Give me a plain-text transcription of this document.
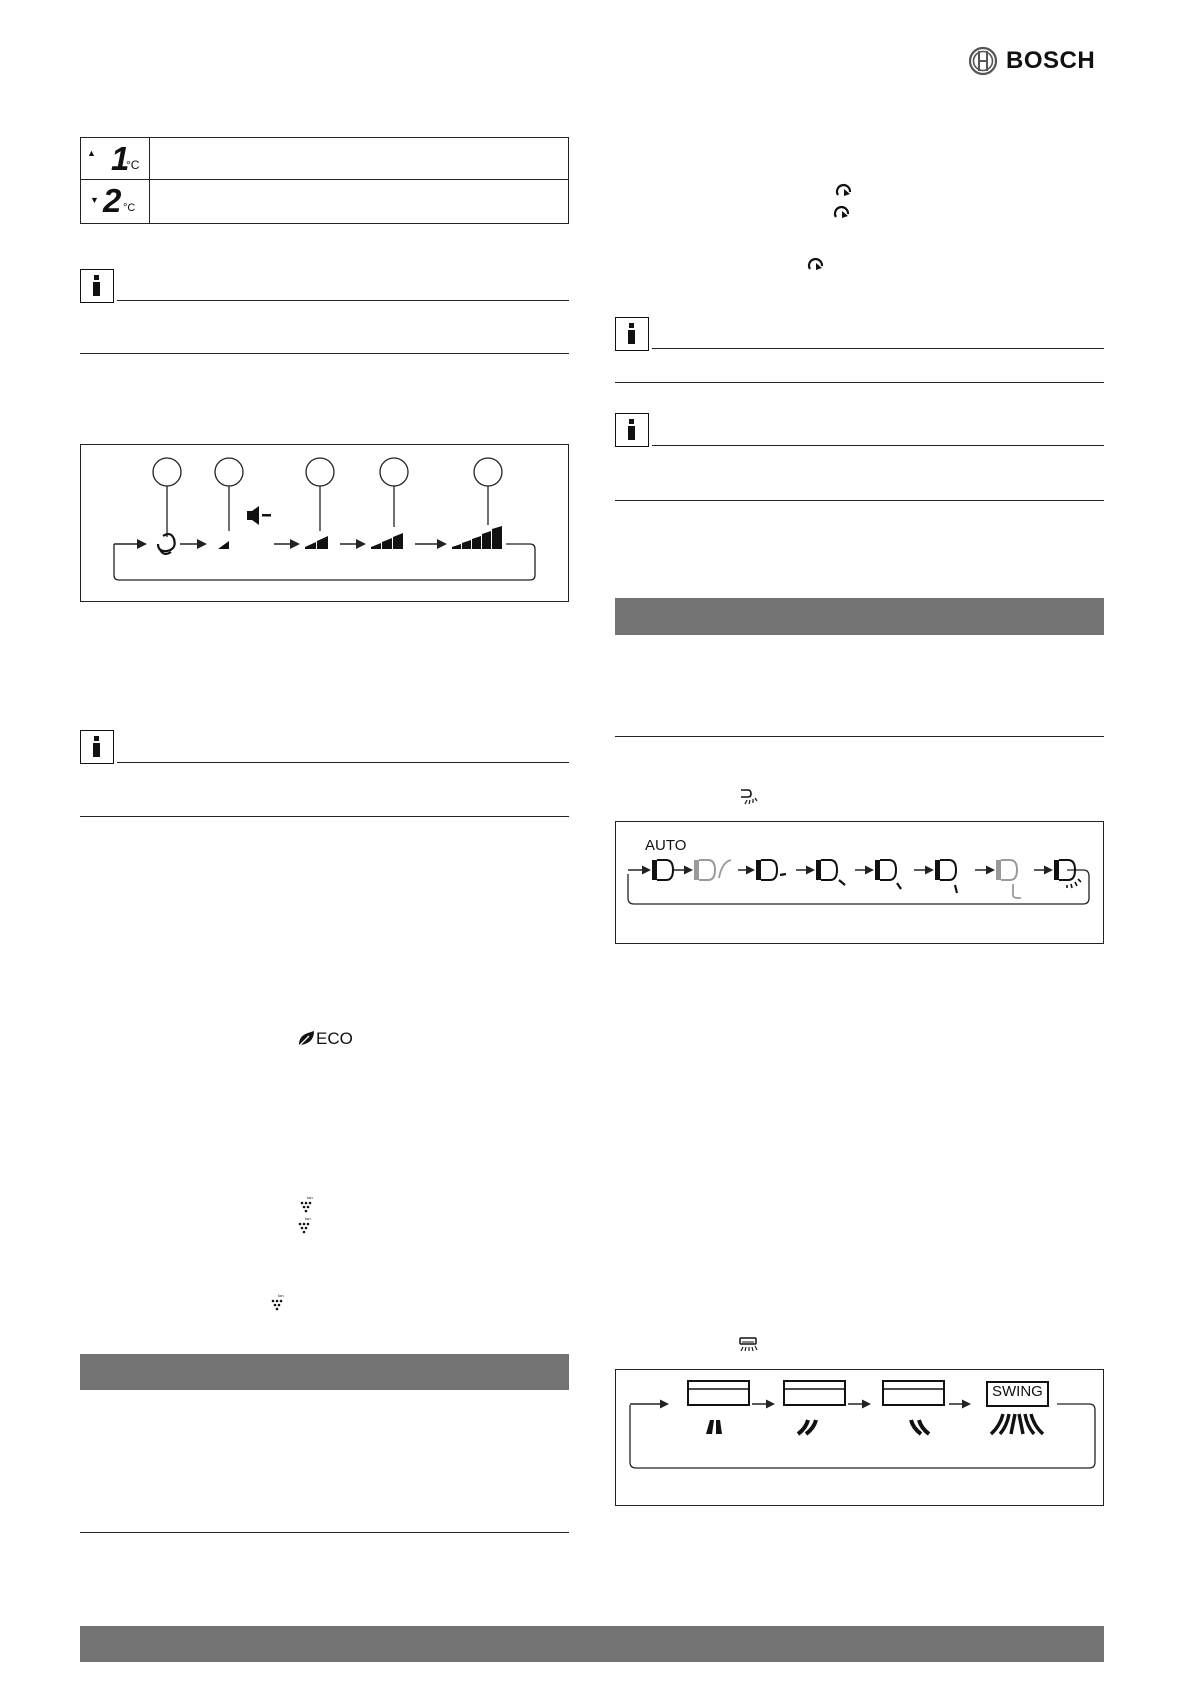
BOSCH
▲ 1
°C
▼ 2 °C
ECO
Ion
Ion
Ion
AUTO
SWING
